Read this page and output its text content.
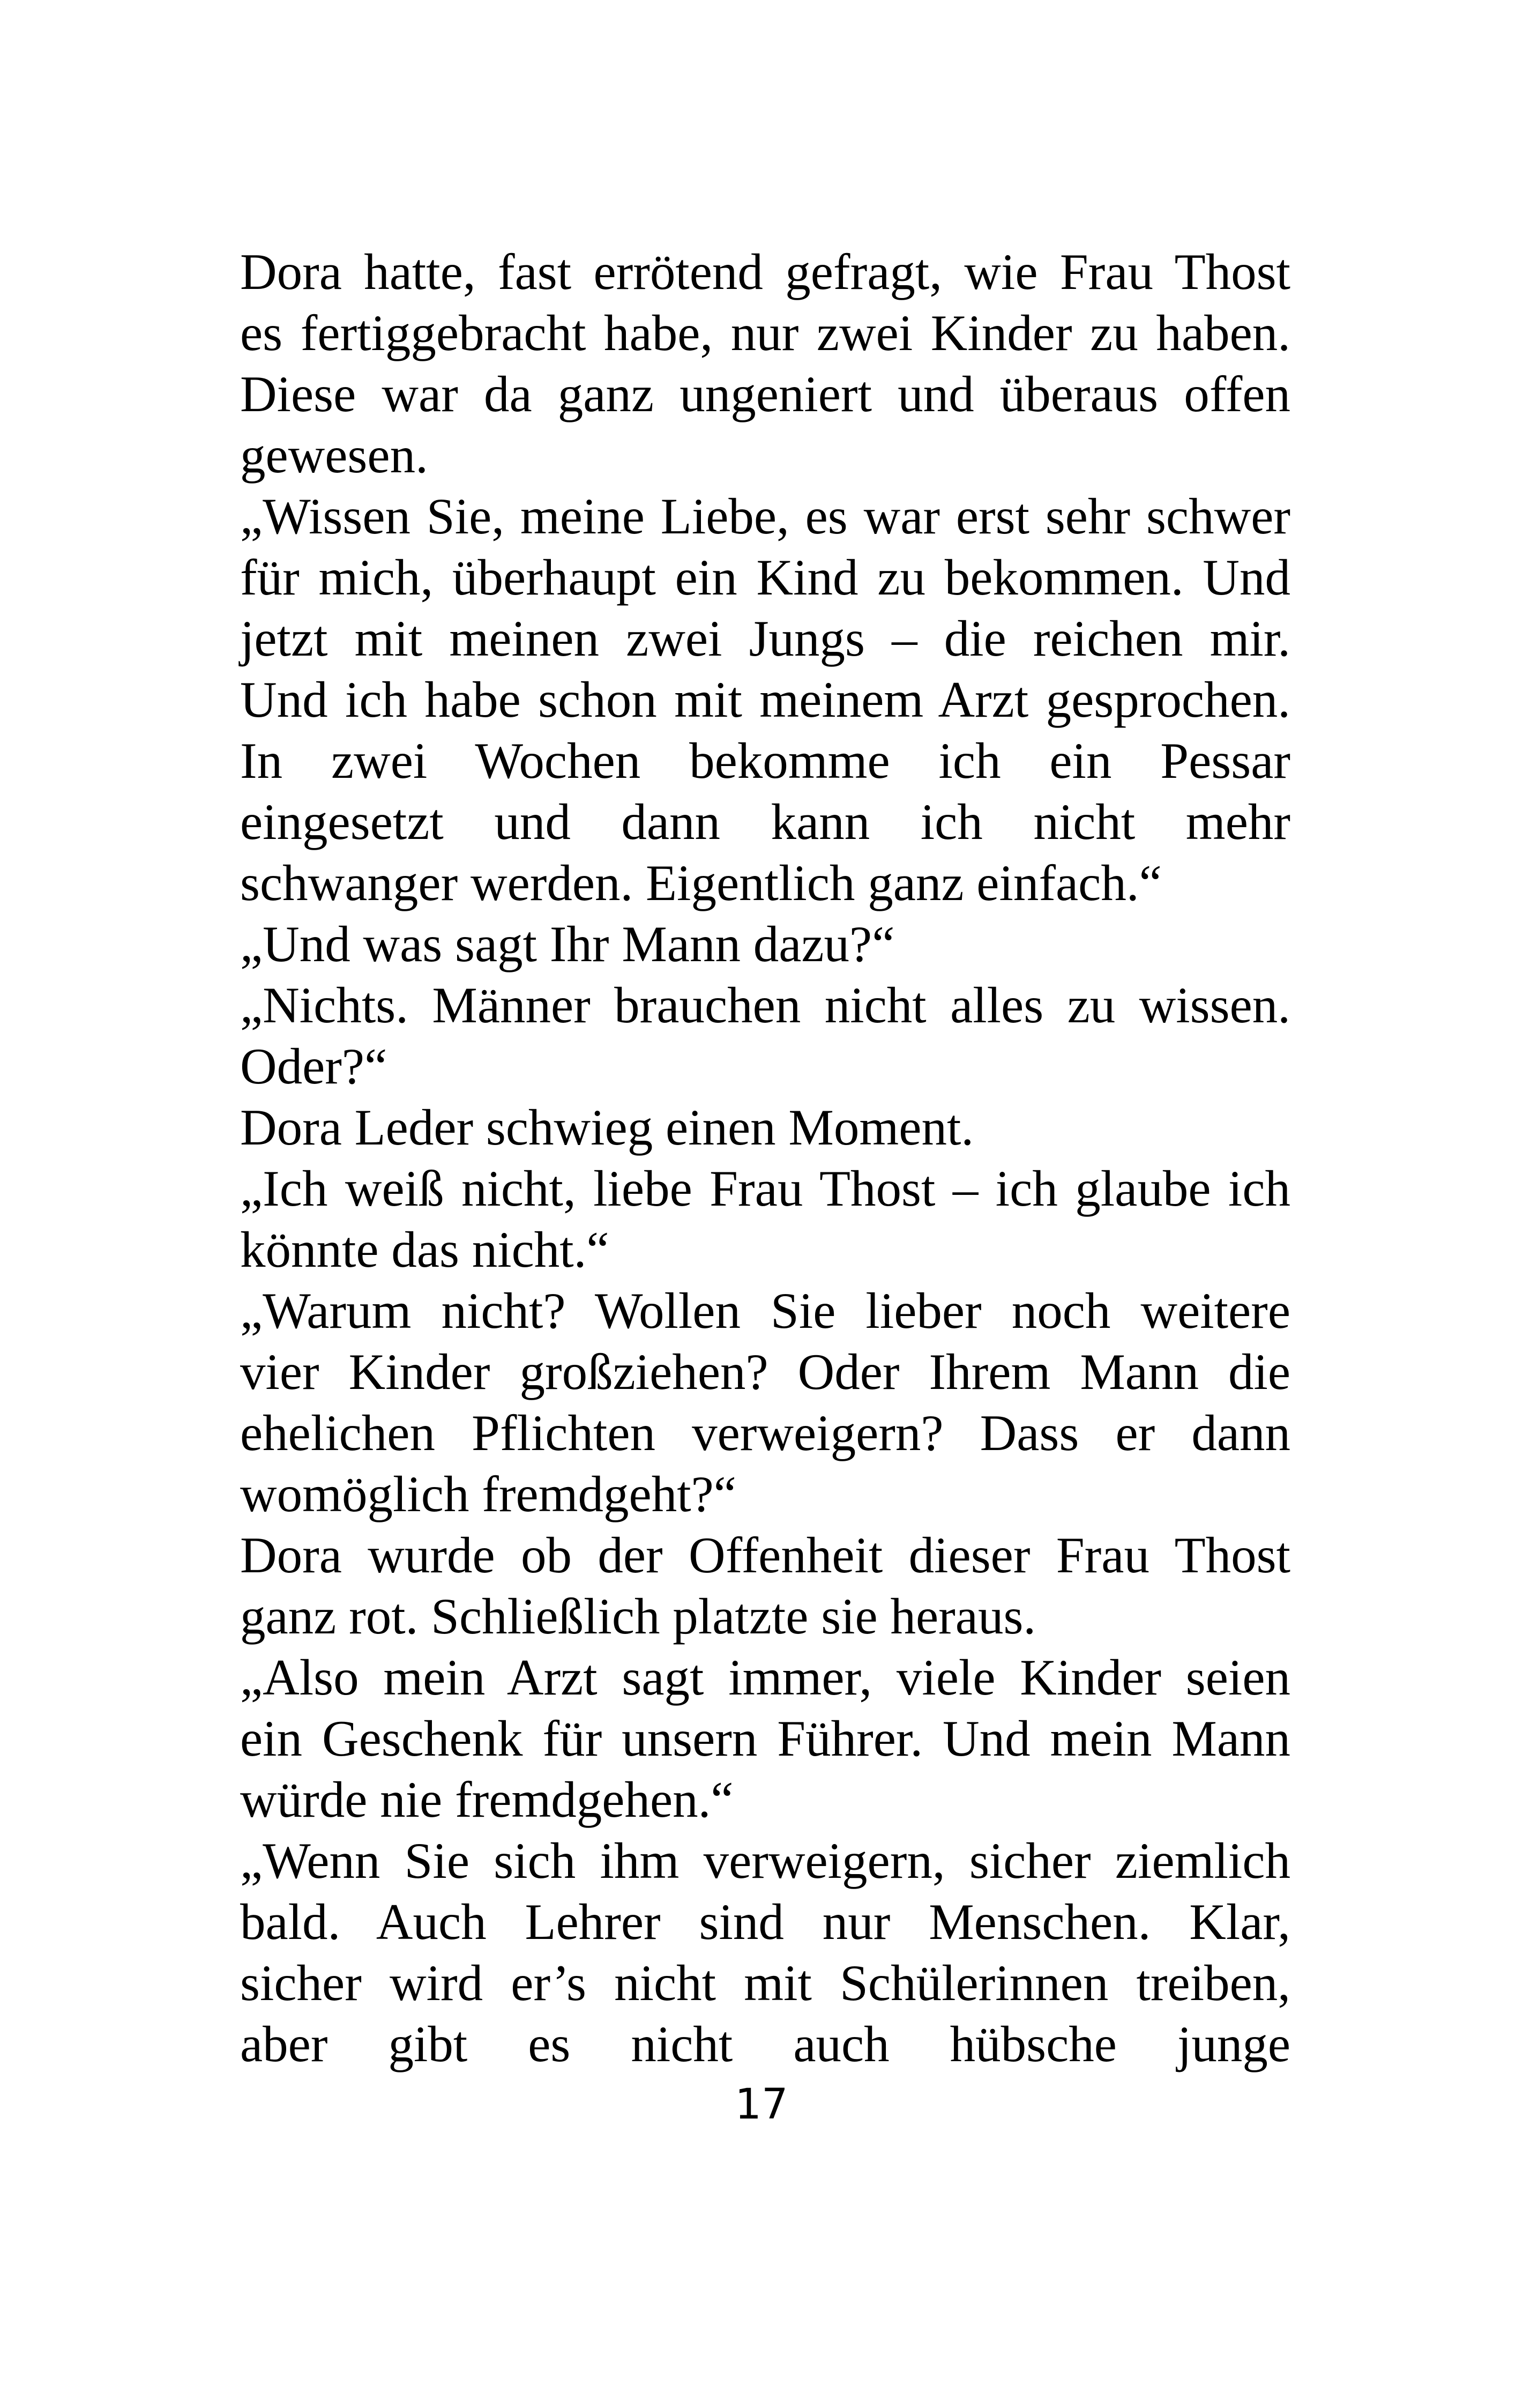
Dora hatte, fast errötend gefragt, wie Frau Thost
es fertiggebracht habe, nur zwei Kinder zu haben.
Diese war da ganz ungeniert und überaus offen
gewesen.
„Wissen Sie, meine Liebe, es war erst sehr schwer
für mich, überhaupt ein Kind zu bekommen. Und
jetzt mit meinen zwei Jungs – die reichen mir.
Und ich habe schon mit meinem Arzt gesprochen.
In zwei Wochen bekomme ich ein Pessar
eingesetzt und dann kann ich nicht mehr
schwanger werden. Eigentlich ganz einfach.“
„Und was sagt Ihr Mann dazu?“
„Nichts. Männer brauchen nicht alles zu wissen.
Oder?“
Dora Leder schwieg einen Moment.
„Ich weiß nicht, liebe Frau Thost – ich glaube ich
könnte das nicht.“
„Warum nicht? Wollen Sie lieber noch weitere
vier Kinder großziehen? Oder Ihrem Mann die
ehelichen Pflichten verweigern? Dass er dann
womöglich fremdgeht?“
Dora wurde ob der Offenheit dieser Frau Thost
ganz rot. Schließlich platzte sie heraus.
„Also mein Arzt sagt immer, viele Kinder seien
ein Geschenk für unsern Führer. Und mein Mann
würde nie fremdgehen.“
„Wenn Sie sich ihm verweigern, sicher ziemlich
bald. Auch Lehrer sind nur Menschen. Klar,
sicher wird er’s nicht mit Schülerinnen treiben,
aber gibt es nicht auch hübsche junge
17
